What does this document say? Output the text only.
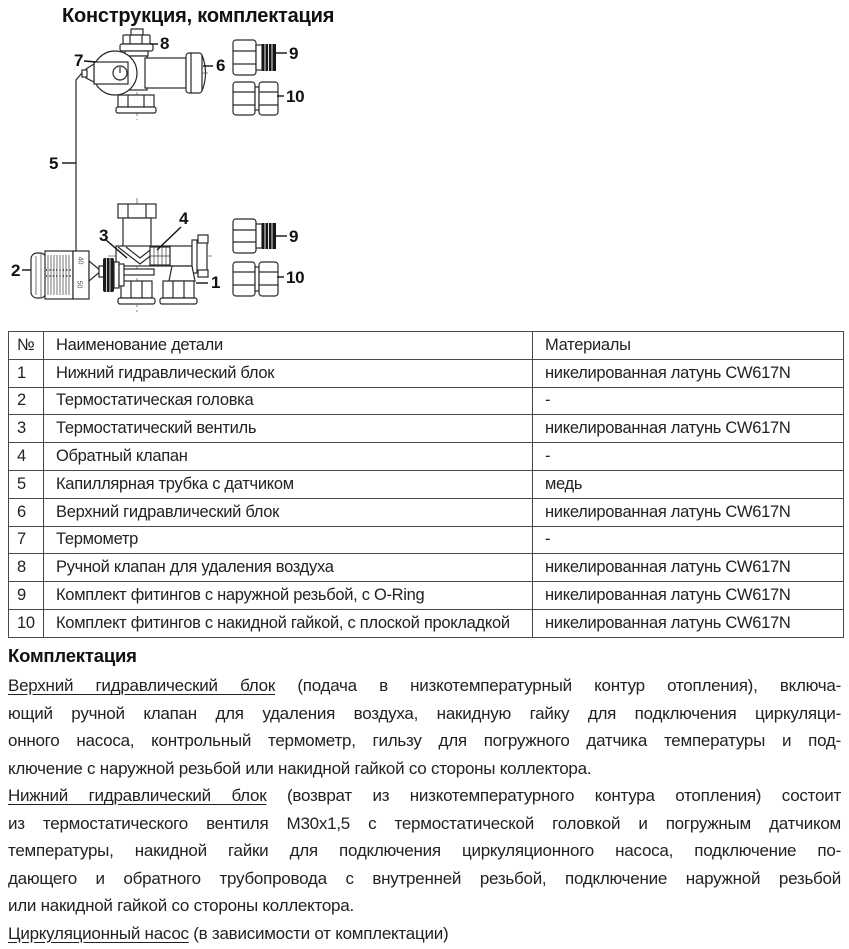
Конструкция, комплектация
8
7	6
5
9
10
2
3
4
1
9
10
40
50
№	Наименование детали	Материалы
1	Нижний гидравлический блок	никелированная латунь CW617N
2	Термостатическая головка	-
3	Термостатический вентиль	никелированная латунь CW617N
4	Обратный клапан	-
5	Капиллярная трубка с датчиком	медь
6	Верхний гидравлический блок	никелированная латунь CW617N
7	Термометр	-
8	Ручной клапан для удаления воздуха	никелированная латунь CW617N
9	Комплект фитингов с наружной резьбой, с O-Ring	никелированная латунь CW617N
10	Комплект фитингов с накидной гайкой, с плоской прокладкой	никелированная латунь CW617N
Комплектация
Верхний гидравлический блок (подача в низкотемпературный контур отопления), включа-
ющий ручной клапан для удаления воздуха, накидную гайку для подключения циркуляци-
онного насоса, контрольный термометр, гильзу для погружного датчика температуры и под-
ключение с наружной резьбой или накидной гайкой со стороны коллектора.
Нижний гидравлический блок (возврат из низкотемпературного контура отопления) состоит
из термостатического вентиля М30х1,5 с термостатической головкой и погружным датчиком
температуры, накидной гайки для подключения циркуляционного насоса, подключение по-
дающего и обратного трубопровода с внутренней резьбой, подключение наружной резьбой
или накидной гайкой со стороны коллектора.
Циркуляционный насос (в зависимости от комплектации)
